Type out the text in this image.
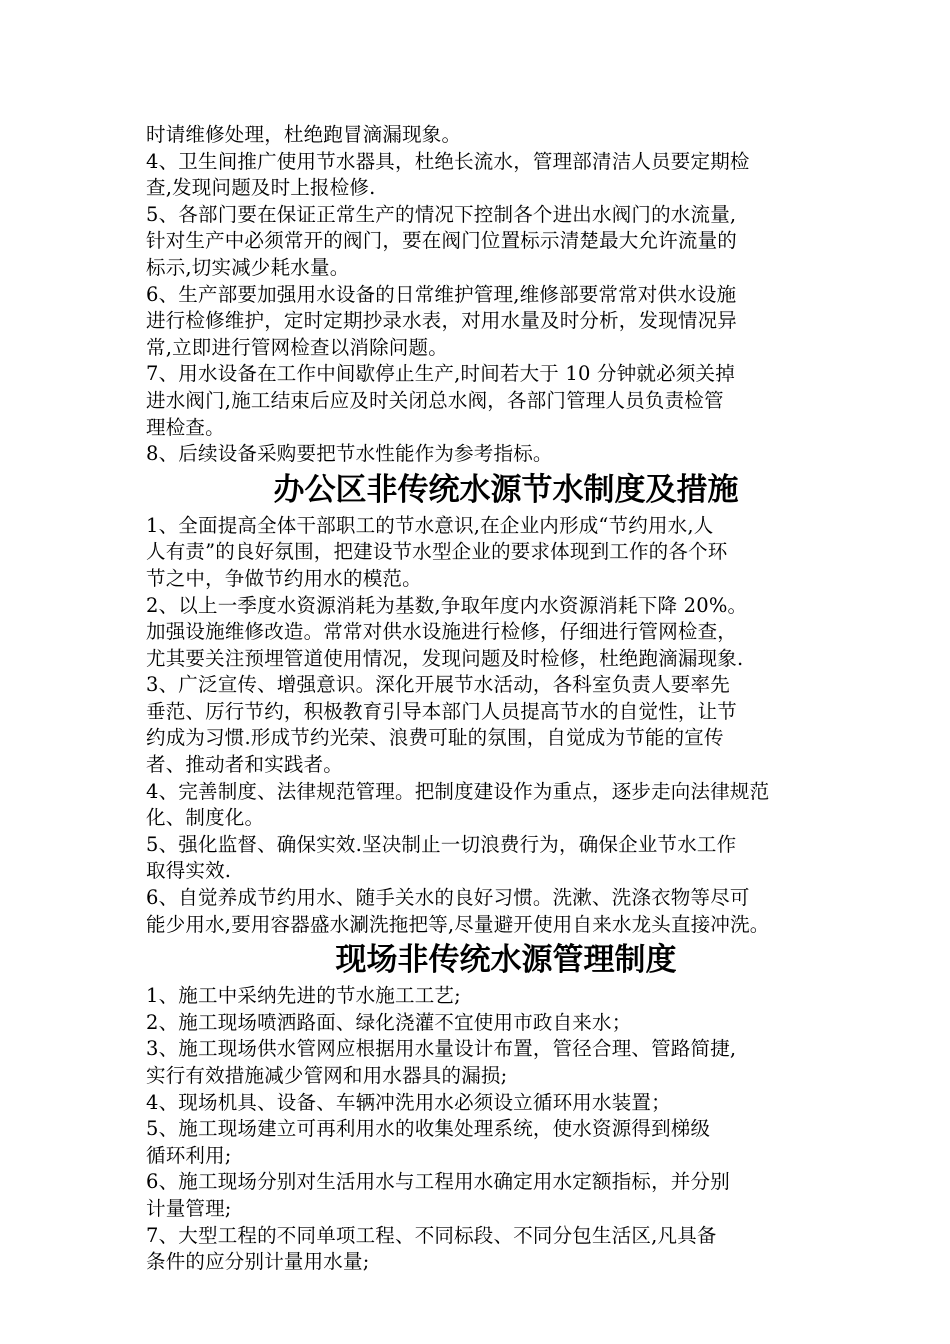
时请维修处理，杜绝跑冒滴漏现象。
4、卫生间推广使用节水器具，杜绝长流水，管理部清洁人员要定期检
查,发现问题及时上报检修.
5、各部门要在保证正常生产的情况下控制各个进出水阀门的水流量,
针对生产中必须常开的阀门，要在阀门位置标示清楚最大允许流量的
标示,切实减少耗水量。
6、生产部要加强用水设备的日常维护管理,维修部要常常对供水设施
进行检修维护，定时定期抄录水表，对用水量及时分析，发现情况异
常,立即进行管网检查以消除问题。
7、用水设备在工作中间歇停止生产,时间若大于 10 分钟就必须关掉
进水阀门,施工结束后应及时关闭总水阀，各部门管理人员负责检管
理检查。
8、后续设备采购要把节水性能作为参考指标。
办公区非传统水源节水制度及措施
1、全面提高全体干部职工的节水意识,在企业内形成“节约用水,人
人有责”的良好氛围，把建设节水型企业的要求体现到工作的各个环
节之中，争做节约用水的模范。
2、以上一季度水资源消耗为基数,争取年度内水资源消耗下降 20%。
加强设施维修改造。常常对供水设施进行检修，仔细进行管网检查，
尤其要关注预埋管道使用情况，发现问题及时检修，杜绝跑滴漏现象.
3、广泛宣传、增强意识。深化开展节水活动，各科室负责人要率先
垂范、厉行节约，积极教育引导本部门人员提高节水的自觉性，让节
约成为习惯.形成节约光荣、浪费可耻的氛围，自觉成为节能的宣传
者、推动者和实践者。
4、完善制度、法律规范管理。把制度建设作为重点，逐步走向法律规范
化、制度化。
5、强化监督、确保实效.坚决制止一切浪费行为，确保企业节水工作
取得实效.
6、自觉养成节约用水、随手关水的良好习惯。洗漱、洗涤衣物等尽可
能少用水,要用容器盛水涮洗拖把等,尽量避开使用自来水龙头直接冲洗。
现场非传统水源管理制度
1、施工中采纳先进的节水施工工艺;
2、施工现场喷洒路面、绿化浇灌不宜使用市政自来水；
3、施工现场供水管网应根据用水量设计布置，管径合理、管路简捷,
实行有效措施减少管网和用水器具的漏损;
4、现场机具、设备、车辆冲洗用水必须设立循环用水装置；
5、施工现场建立可再利用水的收集处理系统，使水资源得到梯级
循环利用;
6、施工现场分别对生活用水与工程用水确定用水定额指标，并分别
计量管理;
7、大型工程的不同单项工程、不同标段、不同分包生活区,凡具备
条件的应分别计量用水量;
